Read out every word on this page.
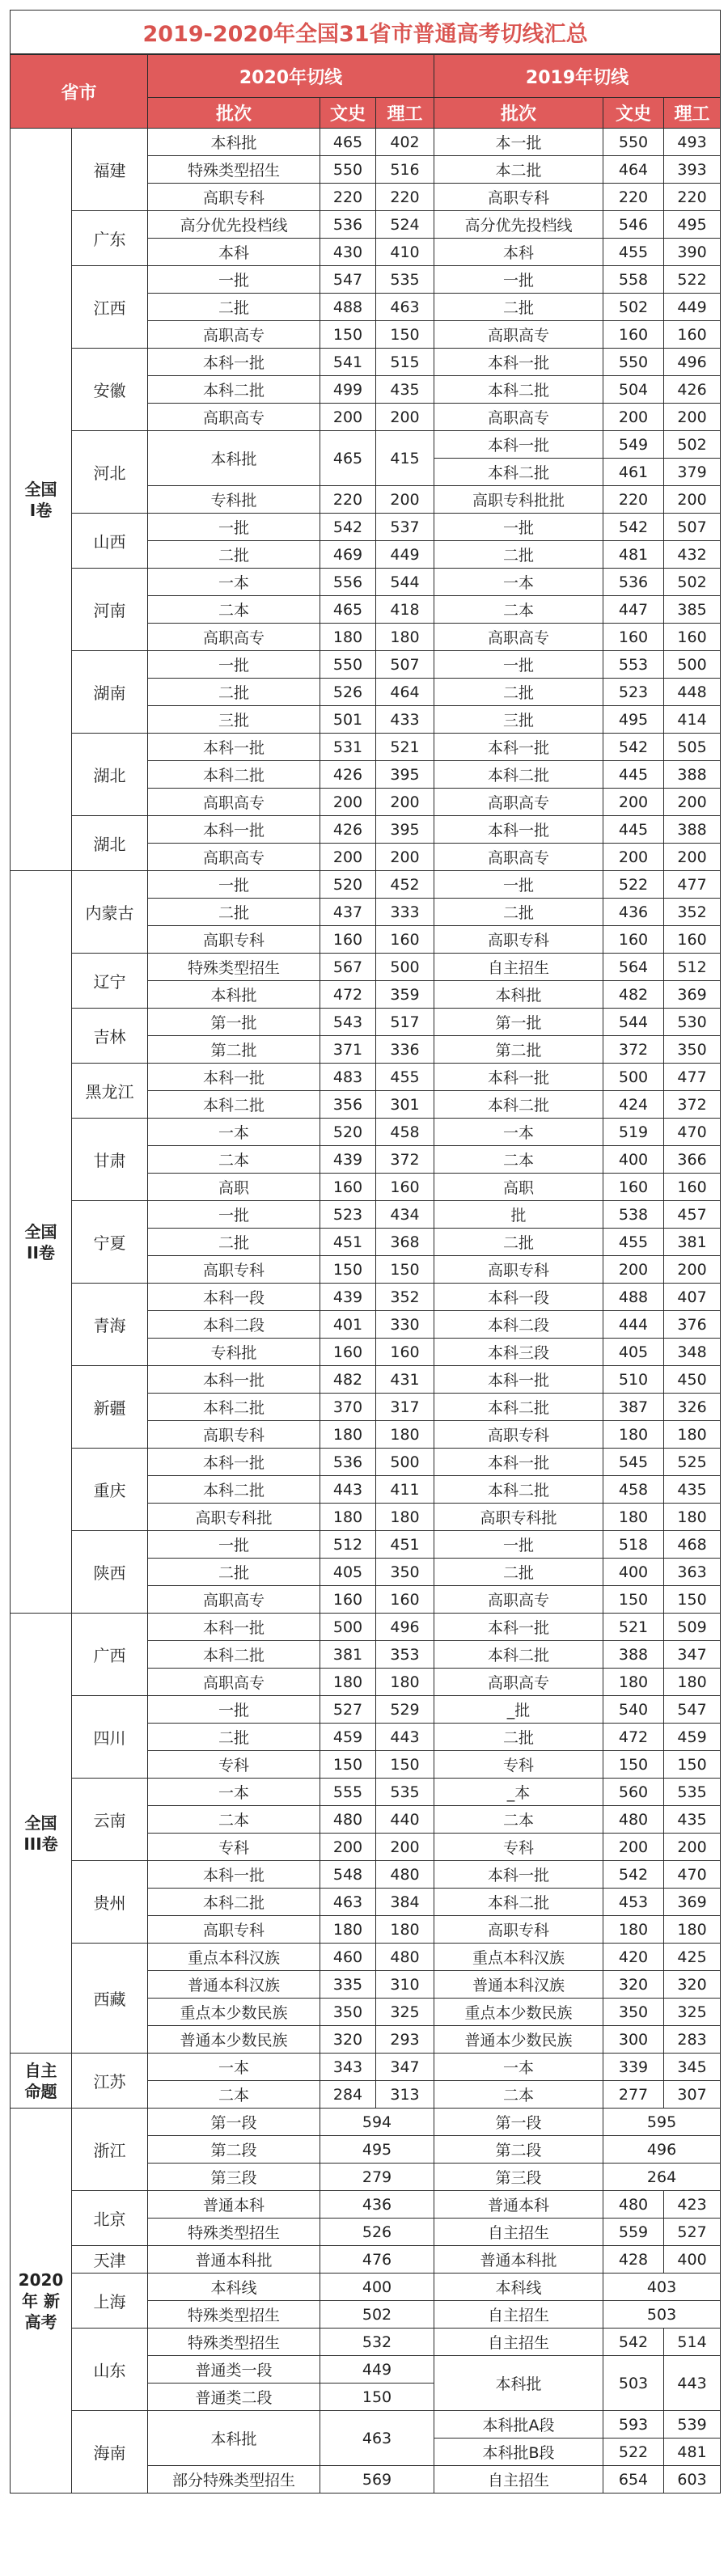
2019-2020年全国31省市普通高考切线汇总							
省市		2020年切线			2019年切线		
		批次	文史	理工	批次	文史	理工
全国
I卷	福建	本科批	465	402	本一批	550	493
		特殊类型招生	550	516	本二批	464	393
		高职专科	220	220	高职专科	220	220
	广东	高分优先投档线	536	524	高分优先投档线	546	495
		本科	430	410	本科	455	390
	江西	一批	547	535	一批	558	522
		二批	488	463	二批	502	449
		高职高专	150	150	高职高专	160	160
	安徽	本科一批	541	515	本科一批	550	496
		本科二批	499	435	本科二批	504	426
		高职高专	200	200	高职高专	200	200
	河北	本科批	465	415	本科一批	549	502
					本科二批	461	379
		专科批	220	200	高职专科批批	220	200
	山西	一批	542	537	一批	542	507
		二批	469	449	二批	481	432
	河南	一本	556	544	一本	536	502
		二本	465	418	二本	447	385
		高职高专	180	180	高职高专	160	160
	湖南	一批	550	507	一批	553	500
		二批	526	464	二批	523	448
		三批	501	433	三批	495	414
	湖北	本科一批	531	521	本科一批	542	505
		本科二批	426	395	本科二批	445	388
		高职高专	200	200	高职高专	200	200
	湖北	本科一批	426	395	本科一批	445	388
		高职高专	200	200	高职高专	200	200
全国
II卷	内蒙古	一批	520	452	一批	522	477
		二批	437	333	二批	436	352
		高职专科	160	160	高职专科	160	160
	辽宁	特殊类型招生	567	500	自主招生	564	512
		本科批	472	359	本科批	482	369
	吉林	第一批	543	517	第一批	544	530
		第二批	371	336	第二批	372	350
	黑龙江	本科一批	483	455	本科一批	500	477
		本科二批	356	301	本科二批	424	372
	甘肃	一本	520	458	一本	519	470
		二本	439	372	二本	400	366
		高职	160	160	高职	160	160
	宁夏	一批	523	434	批	538	457
		二批	451	368	二批	455	381
		高职专科	150	150	高职专科	200	200
	青海	本科一段	439	352	本科一段	488	407
		本科二段	401	330	本科二段	444	376
		专科批	160	160	本科三段	405	348
	新疆	本科一批	482	431	本科一批	510	450
		本科二批	370	317	本科二批	387	326
		高职专科	180	180	高职专科	180	180
	重庆	本科一批	536	500	本科一批	545	525
		本科二批	443	411	本科二批	458	435
		高职专科批	180	180	高职专科批	180	180
	陕西	一批	512	451	一批	518	468
		二批	405	350	二批	400	363
		高职高专	160	160	高职高专	150	150
全国
III卷	广西	本科一批	500	496	本科一批	521	509
		本科二批	381	353	本科二批	388	347
		高职高专	180	180	高职高专	180	180
	四川	一批	527	529	_批	540	547
		二批	459	443	二批	472	459
		专科	150	150	专科	150	150
	云南	一本	555	535	_本	560	535
		二本	480	440	二本	480	435
		专科	200	200	专科	200	200
	贵州	本科一批	548	480	本科一批	542	470
		本科二批	463	384	本科二批	453	369
		高职专科	180	180	高职专科	180	180
	西藏	重点本科汉族	460	480	重点本科汉族	420	425
		普通本科汉族	335	310	普通本科汉族	320	320
		重点本少数民族	350	325	重点本少数民族	350	325
		普通本少数民族	320	293	普通本少数民族	300	283
自主
命题	江苏	一本	343	347	一本	339	345
		二本	284	313	二本	277	307
2020
年 新
高考	浙江	第一段	594		第一段	595	
		第二段	495		第二段	496	
		第三段	279		第三段	264	
	北京	普通本科	436		普通本科	480	423
		特殊类型招生	526		自主招生	559	527
	天津	普通本科批	476		普通本科批	428	400
	上海	本科线	400		本科线	403	
		特殊类型招生	502		自主招生	503	
	山东	特殊类型招生	532		自主招生	542	514
		普通类一段	449		本科批	503	443
		普通类二段	150				
	海南	本科批	463		本科批A段	593	539
					本科批B段	522	481
		部分特殊类型招生	569		自主招生	654	603
